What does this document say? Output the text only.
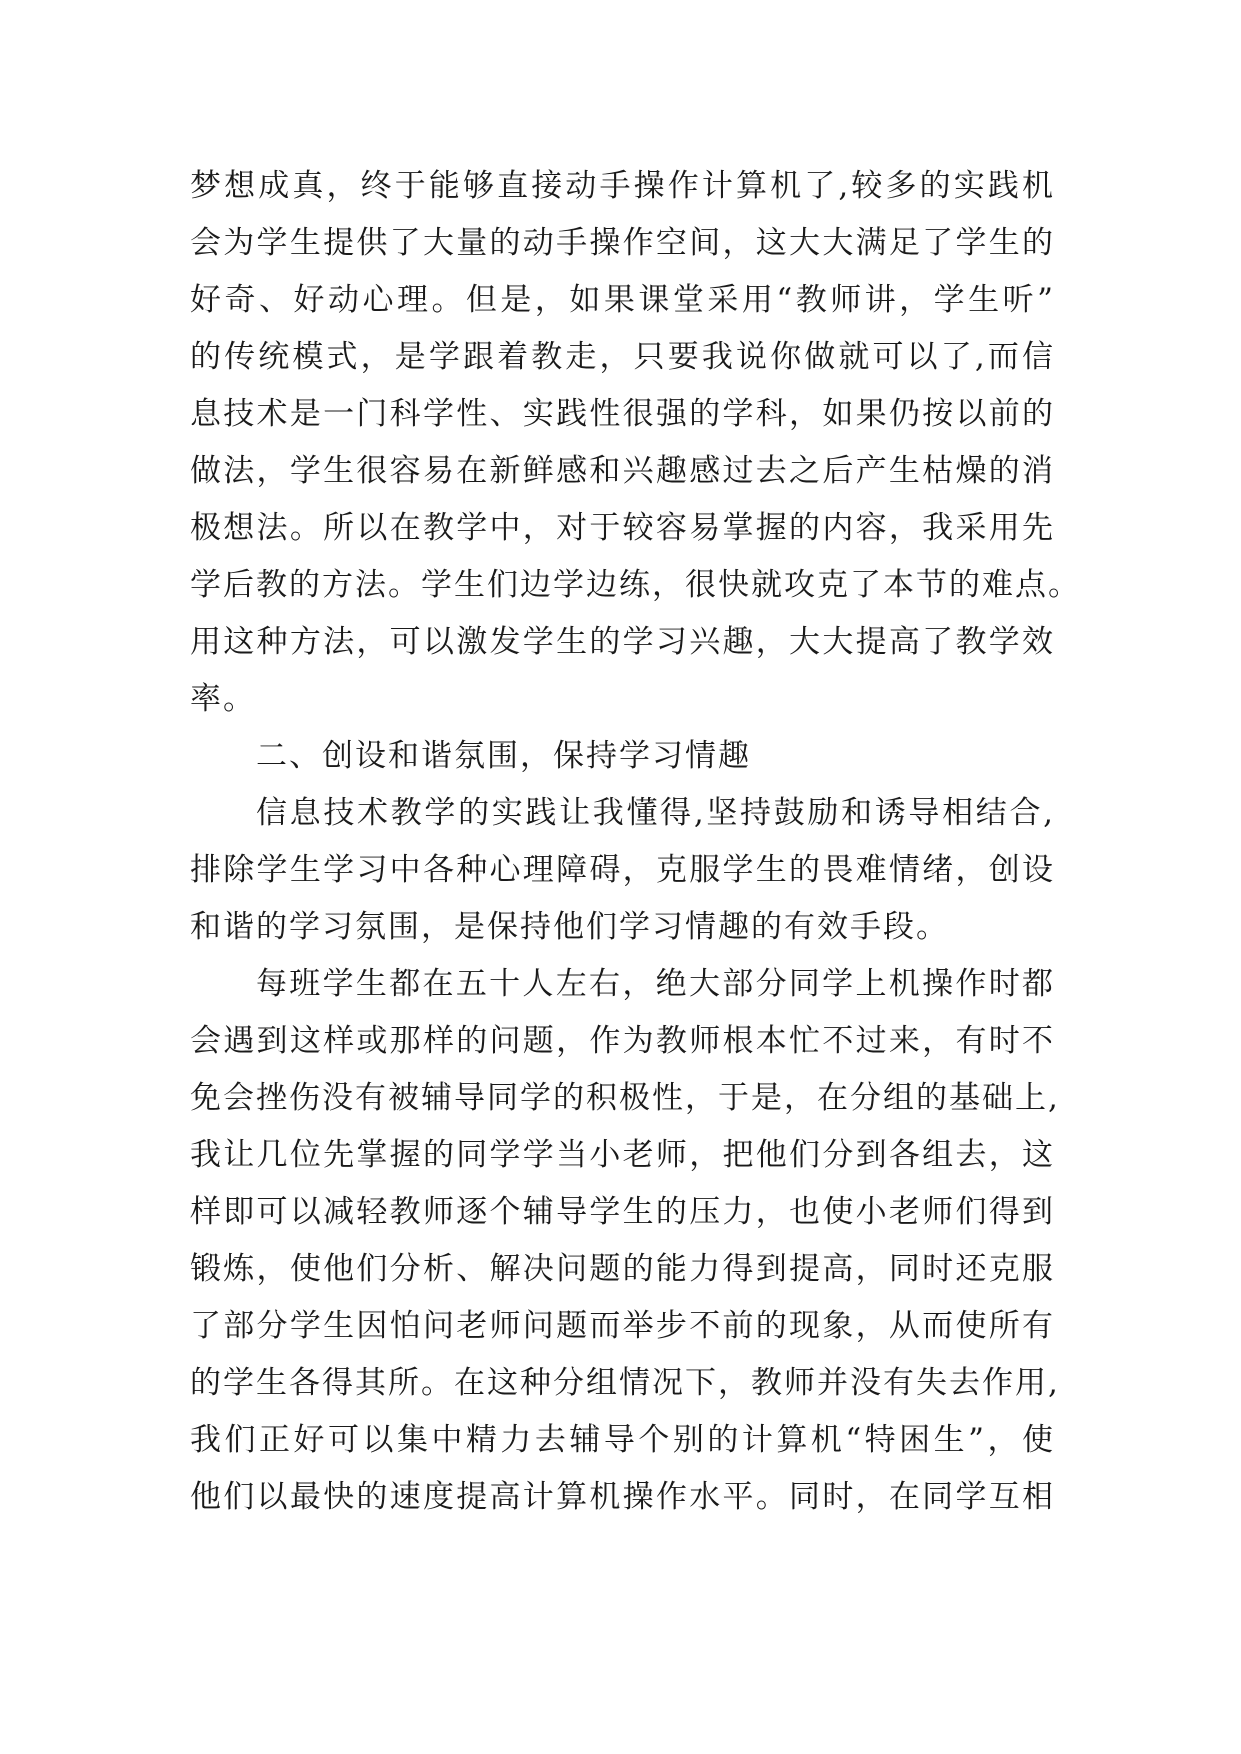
梦想成真，终于能够直接动手操作计算机了,较多的实践机
会为学生提供了大量的动手操作空间，这大大满足了学生的
好奇、好动心理。但是，如果课堂采用“教师讲，学生听”
的传统模式，是学跟着教走，只要我说你做就可以了,而信
息技术是一门科学性、实践性很强的学科，如果仍按以前的
做法，学生很容易在新鲜感和兴趣感过去之后产生枯燥的消
极想法。所以在教学中，对于较容易掌握的内容，我采用先
学后教的方法。学生们边学边练，很快就攻克了本节的难点。
用这种方法，可以激发学生的学习兴趣，大大提高了教学效
率。
二、创设和谐氛围，保持学习情趣
信息技术教学的实践让我懂得,坚持鼓励和诱导相结合,
排除学生学习中各种心理障碍，克服学生的畏难情绪，创设
和谐的学习氛围，是保持他们学习情趣的有效手段。
每班学生都在五十人左右，绝大部分同学上机操作时都
会遇到这样或那样的问题，作为教师根本忙不过来，有时不
免会挫伤没有被辅导同学的积极性，于是，在分组的基础上,
我让几位先掌握的同学学当小老师，把他们分到各组去，这
样即可以减轻教师逐个辅导学生的压力，也使小老师们得到
锻炼，使他们分析、解决问题的能力得到提高，同时还克服
了部分学生因怕问老师问题而举步不前的现象，从而使所有
的学生各得其所。在这种分组情况下，教师并没有失去作用,
我们正好可以集中精力去辅导个别的计算机“特困生”，使
他们以最快的速度提高计算机操作水平。同时，在同学互相
